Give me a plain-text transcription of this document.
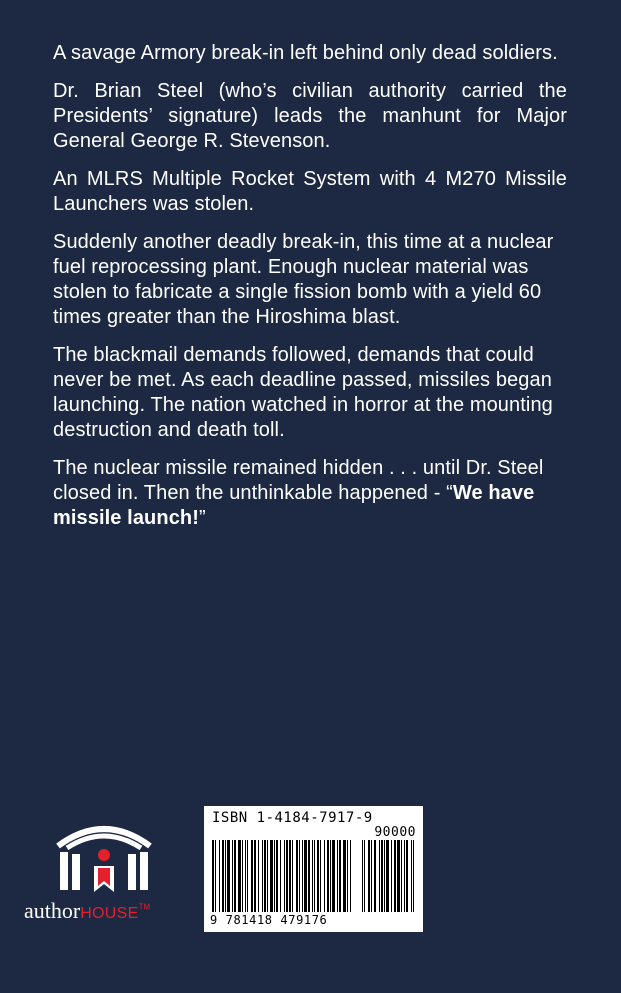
A savage Armory break-in left behind only dead soldiers.

Dr. Brian Steel (who’s civilian authority carried the Presidents’ signature) leads the manhunt for Major General George R. Stevenson.

An MLRS Multiple Rocket System with 4 M270 Missile Launchers was stolen.

Suddenly another deadly break-in, this time at a nuclear fuel reprocessing plant. Enough nuclear material was stolen to fabricate a single fission bomb with a yield 60 times greater than the Hiroshima blast.

The blackmail demands followed, demands that could never be met. As each deadline passed, missiles began launching. The nation watched in horror at the mounting destruction and death toll.

The nuclear missile remained hidden . . . until Dr. Steel closed in. Then the unthinkable happened - “We have missile launch!”

authorHOUSE™
ISBN 1-4184-7917-9
90000
9 781418 479176
